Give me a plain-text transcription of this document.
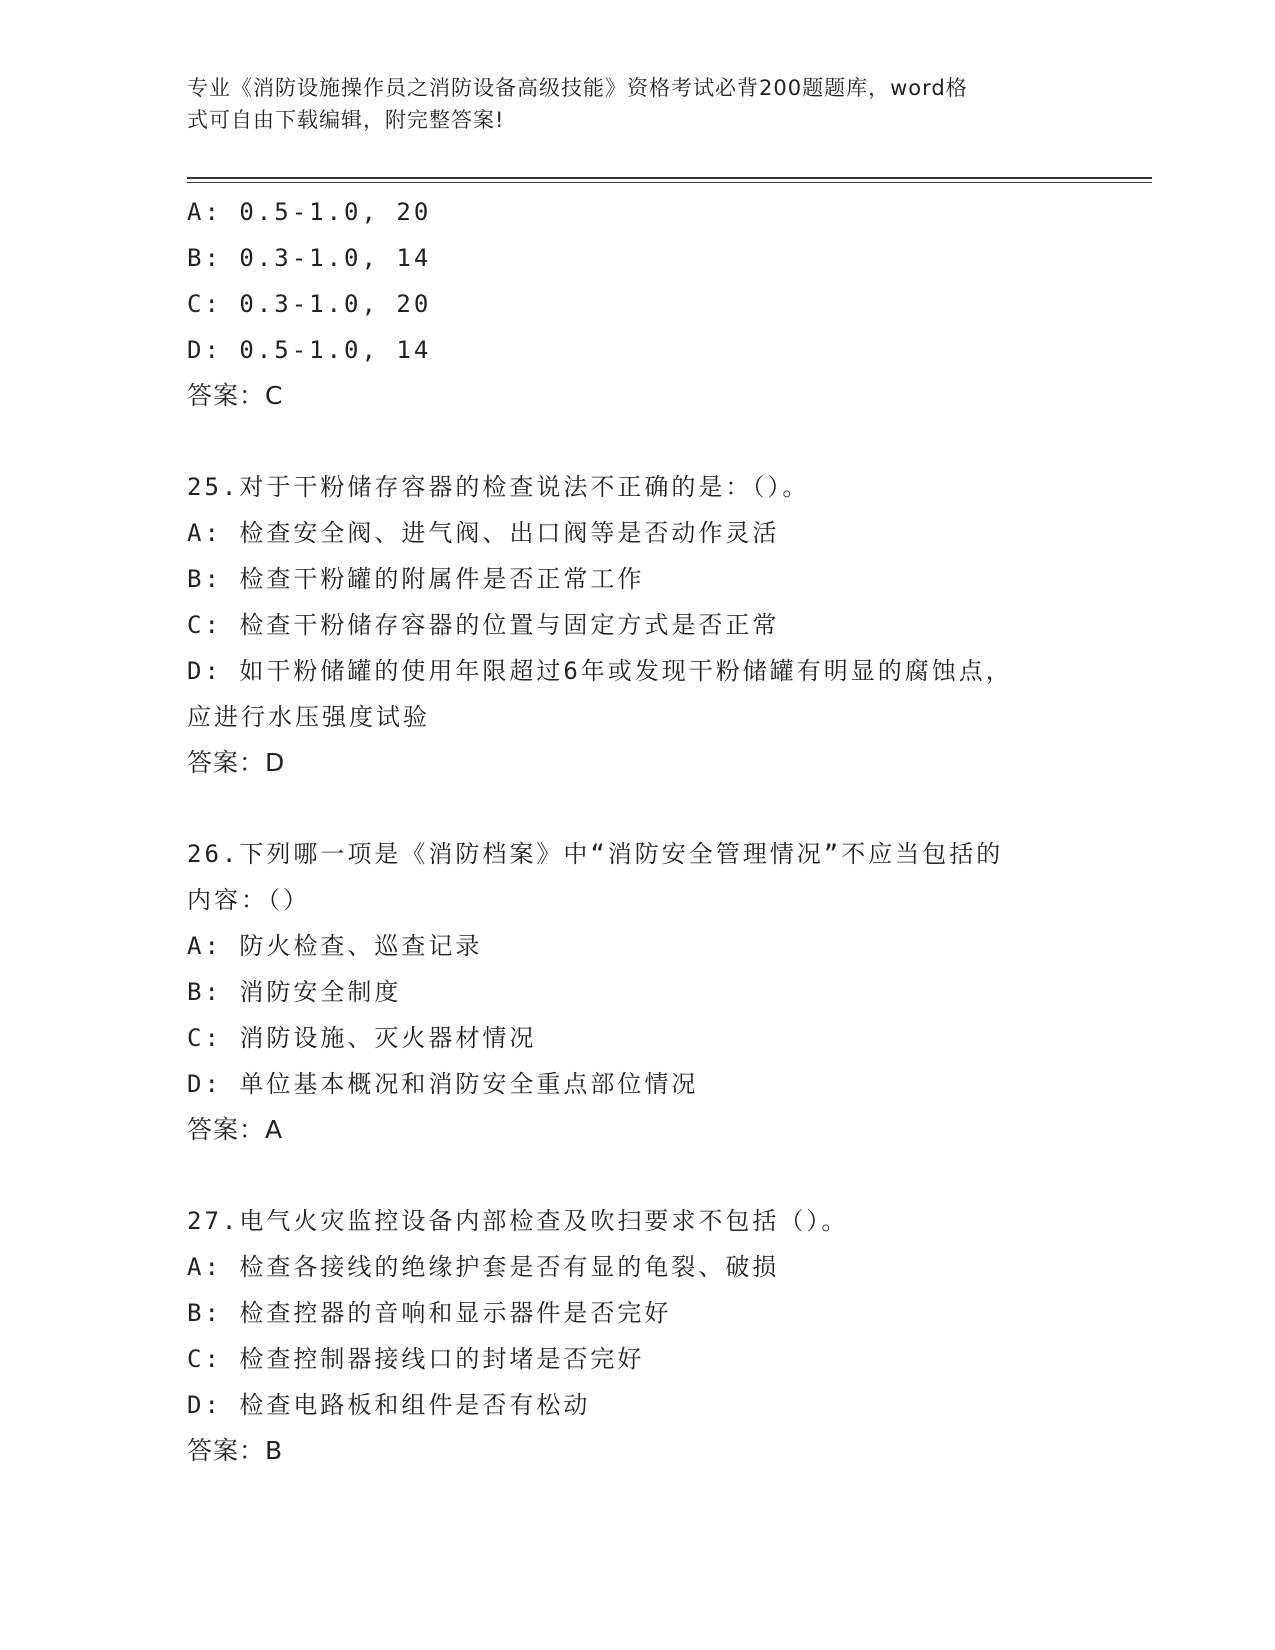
专业《消防设施操作员之消防设备高级技能》资格考试必背200题题库，word格
式可自由下载编辑，附完整答案!
A: 0.5-1.0, 20
B: 0.3-1.0, 14
C: 0.3-1.0, 20
D: 0.5-1.0, 14
答案：C
25.对于干粉储存容器的检查说法不正确的是：（）。
A: 检查安全阀、进气阀、出口阀等是否动作灵活
B: 检查干粉罐的附属件是否正常工作
C: 检查干粉储存容器的位置与固定方式是否正常
D: 如干粉储罐的使用年限超过6年或发现干粉储罐有明显的腐蚀点，
应进行水压强度试验
答案：D
26.下列哪一项是《消防档案》中“消防安全管理情况”不应当包括的
内容：（）
A: 防火检查、巡查记录
B: 消防安全制度
C: 消防设施、灭火器材情况
D: 单位基本概况和消防安全重点部位情况
答案：A
27.电气火灾监控设备内部检查及吹扫要求不包括（）。
A: 检查各接线的绝缘护套是否有显的龟裂、破损
B: 检查控器的音响和显示器件是否完好
C: 检查控制器接线口的封堵是否完好
D: 检查电路板和组件是否有松动
答案：B
